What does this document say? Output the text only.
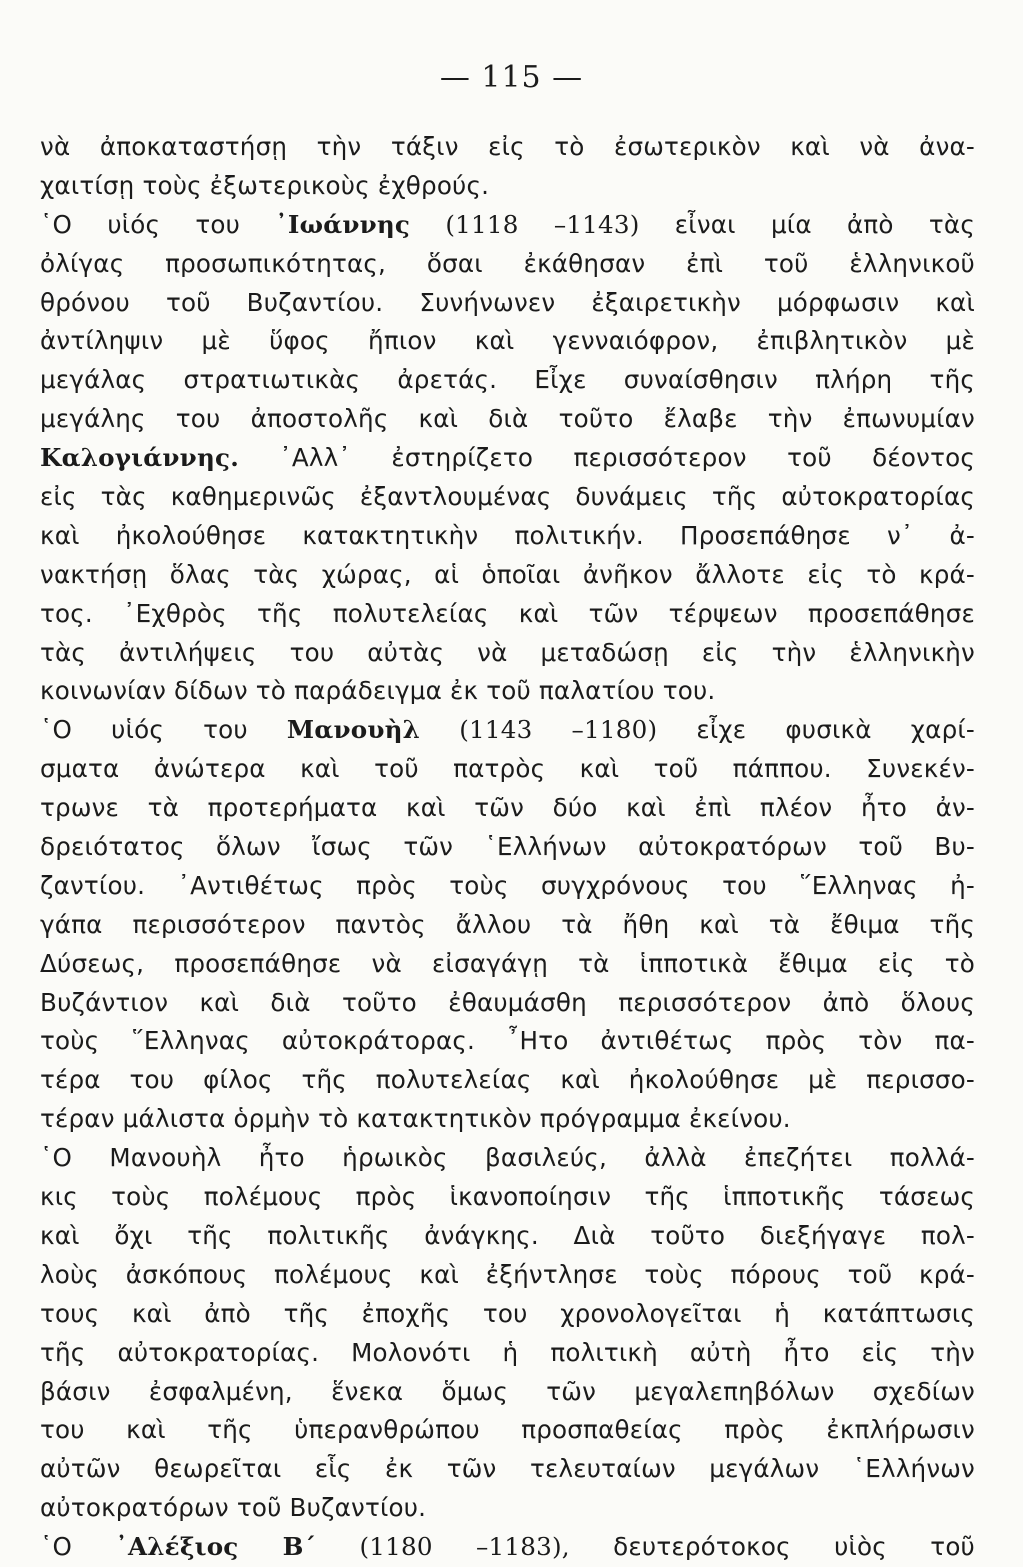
— 115 —
νὰ ἀποκαταστήσῃ τὴν τάξιν εἰς τὸ ἐσωτερικὸν καὶ νὰ ἀνα-
χαιτίσῃ τοὺς ἐξωτερικοὺς ἐχθρούς.
῾Ο υἱός του ᾿Ιωάννης (1118 –1143) εἶναι μία ἀπὸ τὰς
ὀλίγας προσωπικότητας, ὅσαι ἐκάθησαν ἐπὶ τοῦ ἑλληνικοῦ
θρόνου τοῦ Βυζαντίου. Συνήνωνεν ἐξαιρετικὴν μόρφωσιν καὶ
ἀντίληψιν μὲ ὕφος ἤπιον καὶ γενναιόφρον, ἐπιβλητικὸν μὲ
μεγάλας στρατιωτικὰς ἀρετάς. Εἶχε συναίσθησιν πλήρη τῆς
μεγάλης του ἀποστολῆς καὶ διὰ τοῦτο ἔλαβε τὴν ἐπωνυμίαν
Καλογιάννης. ᾿Αλλ᾿ ἐστηρίζετο περισσότερον τοῦ δέοντος
εἰς τὰς καθημερινῶς ἐξαντλουμένας δυνάμεις τῆς αὐτοκρατορίας
καὶ ἠκολούθησε κατακτητικὴν πολιτικήν. Προσεπάθησε ν᾿ ἀ-
νακτήσῃ ὅλας τὰς χώρας, αἱ ὁποῖαι ἀνῆκον ἄλλοτε εἰς τὸ κρά-
τος. ᾿Εχθρὸς τῆς πολυτελείας καὶ τῶν τέρψεων προσεπάθησε
τὰς ἀντιλήψεις του αὐτὰς νὰ μεταδώσῃ εἰς τὴν ἑλληνικὴν
κοινωνίαν δίδων τὸ παράδειγμα ἐκ τοῦ παλατίου του.
῾Ο υἱός του Μανουὴλ (1143 –1180) εἶχε φυσικὰ χαρί-
σματα ἀνώτερα καὶ τοῦ πατρὸς καὶ τοῦ πάππου. Συνεκέν-
τρωνε τὰ προτερήματα καὶ τῶν δύο καὶ ἐπὶ πλέον ἦτο ἀν-
δρειότατος ὅλων ἴσως τῶν ῾Ελλήνων αὐτοκρατόρων τοῦ Βυ-
ζαντίου. ᾿Αντιθέτως πρὸς τοὺς συγχρόνους του ῞Ελληνας ἠ-
γάπα περισσότερον παντὸς ἄλλου τὰ ἤθη καὶ τὰ ἔθιμα τῆς
Δύσεως, προσεπάθησε νὰ εἰσαγάγῃ τὰ ἱπποτικὰ ἔθιμα εἰς τὸ
Βυζάντιον καὶ διὰ τοῦτο ἐθαυμάσθη περισσότερον ἀπὸ ὅλους
τοὺς ῞Ελληνας αὐτοκράτορας. ῏Ητο ἀντιθέτως πρὸς τὸν πα-
τέρα του φίλος τῆς πολυτελείας καὶ ἠκολούθησε μὲ περισσο-
τέραν μάλιστα ὁρμὴν τὸ κατακτητικὸν πρόγραμμα ἐκείνου.
῾Ο Μανουὴλ ἦτο ἡρωικὸς βασιλεύς, ἀλλὰ ἐπεζήτει πολλά-
κις τοὺς πολέμους πρὸς ἱκανοποίησιν τῆς ἱπποτικῆς τάσεως
καὶ ὄχι τῆς πολιτικῆς ἀνάγκης. Διὰ τοῦτο διεξήγαγε πολ-
λοὺς ἀσκόπους πολέμους καὶ ἐξήντλησε τοὺς πόρους τοῦ κρά-
τους καὶ ἀπὸ τῆς ἐποχῆς του χρονολογεῖται ἡ κατάπτωσις
τῆς αὐτοκρατορίας. Μολονότι ἡ πολιτικὴ αὐτὴ ἦτο εἰς τὴν
βάσιν ἐσφαλμένη, ἕνεκα ὅμως τῶν μεγαλεπηβόλων σχεδίων
του καὶ τῆς ὑπερανθρώπου προσπαθείας πρὸς ἐκπλήρωσιν
αὐτῶν θεωρεῖται εἷς ἐκ τῶν τελευταίων μεγάλων ῾Ελλήνων
αὐτοκρατόρων τοῦ Βυζαντίου.
῾Ο ᾿Αλέξιος Β΄ (1180 –1183), δευτερότοκος υἱὸς τοῦ
